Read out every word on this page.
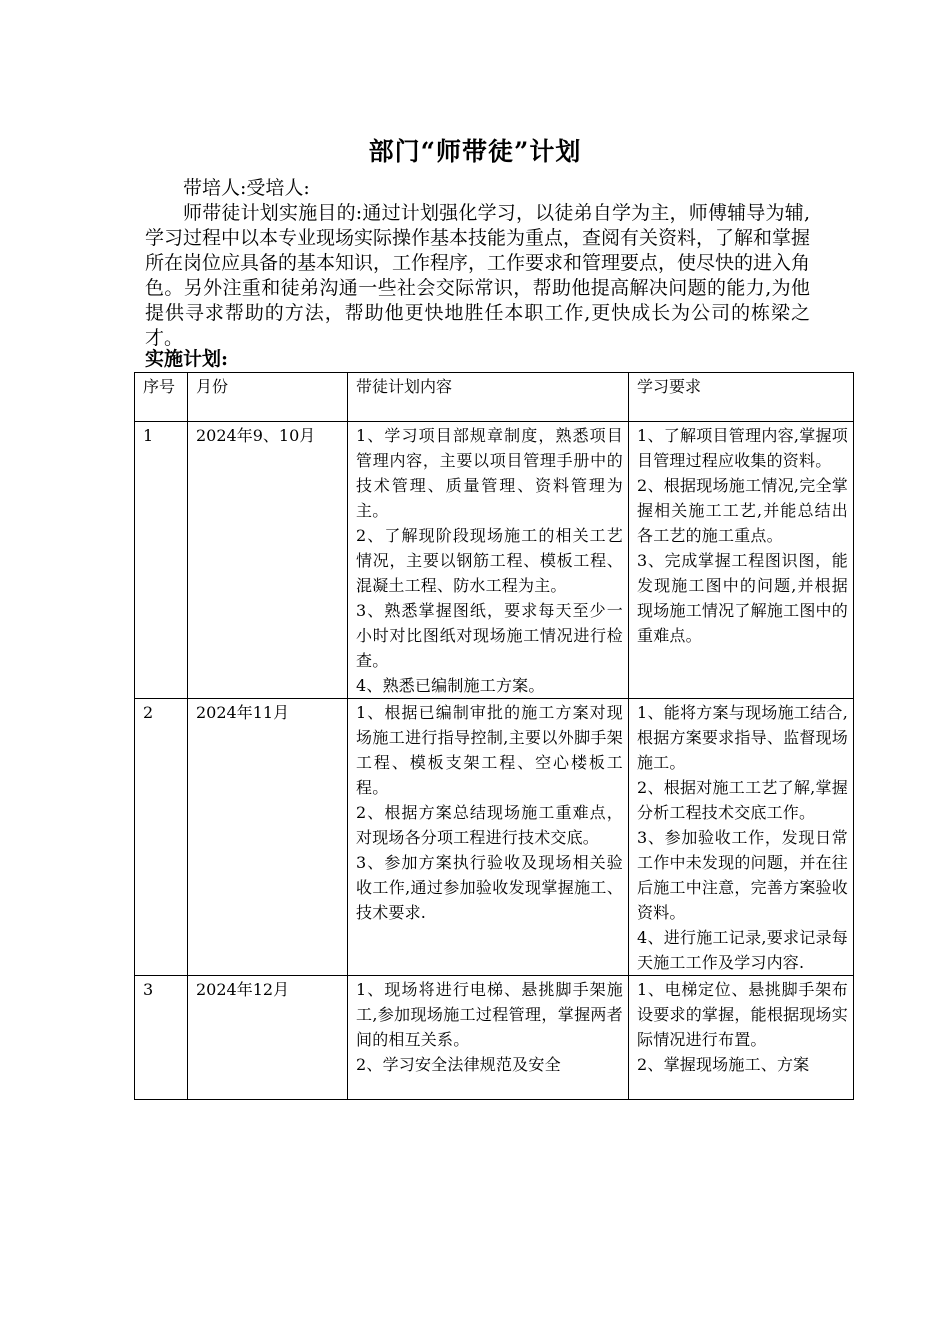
部门“师带徒”计划

带培人:受培人:

师带徒计划实施目的:通过计划强化学习，以徒弟自学为主，师傅辅导为辅,学习过程中以本专业现场实际操作基本技能为重点，查阅有关资料，了解和掌握所在岗位应具备的基本知识，工作程序，工作要求和管理要点，使尽快的进入角色。另外注重和徒弟沟通一些社会交际常识，帮助他提高解决问题的能力,为他提供寻求帮助的方法，帮助他更快地胜任本职工作,更快成长为公司的栋梁之才。

实施计划:
序号	月份	带徒计划内容	学习要求
1	2024年9、10月	1、学习项目部规章制度，熟悉项目管理内容，主要以项目管理手册中的技术管理、质量管理、资料管理为主。
2、了解现阶段现场施工的相关工艺情况，主要以钢筋工程、模板工程、混凝土工程、防水工程为主。
3、熟悉掌握图纸，要求每天至少一小时对比图纸对现场施工情况进行检查。
4、熟悉已编制施工方案。	1、了解项目管理内容,掌握项目管理过程应收集的资料。
2、根据现场施工情况,完全掌握相关施工工艺,并能总结出各工艺的施工重点。
3、完成掌握工程图识图，能发现施工图中的问题,并根据现场施工情况了解施工图中的重难点。
2	2024年11月	1、根据已编制审批的施工方案对现场施工进行指导控制,主要以外脚手架工程、模板支架工程、空心楼板工程。
2、根据方案总结现场施工重难点，对现场各分项工程进行技术交底。
3、参加方案执行验收及现场相关验收工作,通过参加验收发现掌握施工、技术要求.	1、能将方案与现场施工结合,根据方案要求指导、监督现场施工。
2、根据对施工工艺了解,掌握分析工程技术交底工作。
3、参加验收工作，发现日常工作中未发现的问题，并在往后施工中注意，完善方案验收资料。
4、进行施工记录,要求记录每天施工工作及学习内容.
3	2024年12月	1、现场将进行电梯、悬挑脚手架施工,参加现场施工过程管理，掌握两者间的相互关系。
2、学习安全法律规范及安全	1、电梯定位、悬挑脚手架布设要求的掌握，能根据现场实际情况进行布置。
2、掌握现场施工、方案
